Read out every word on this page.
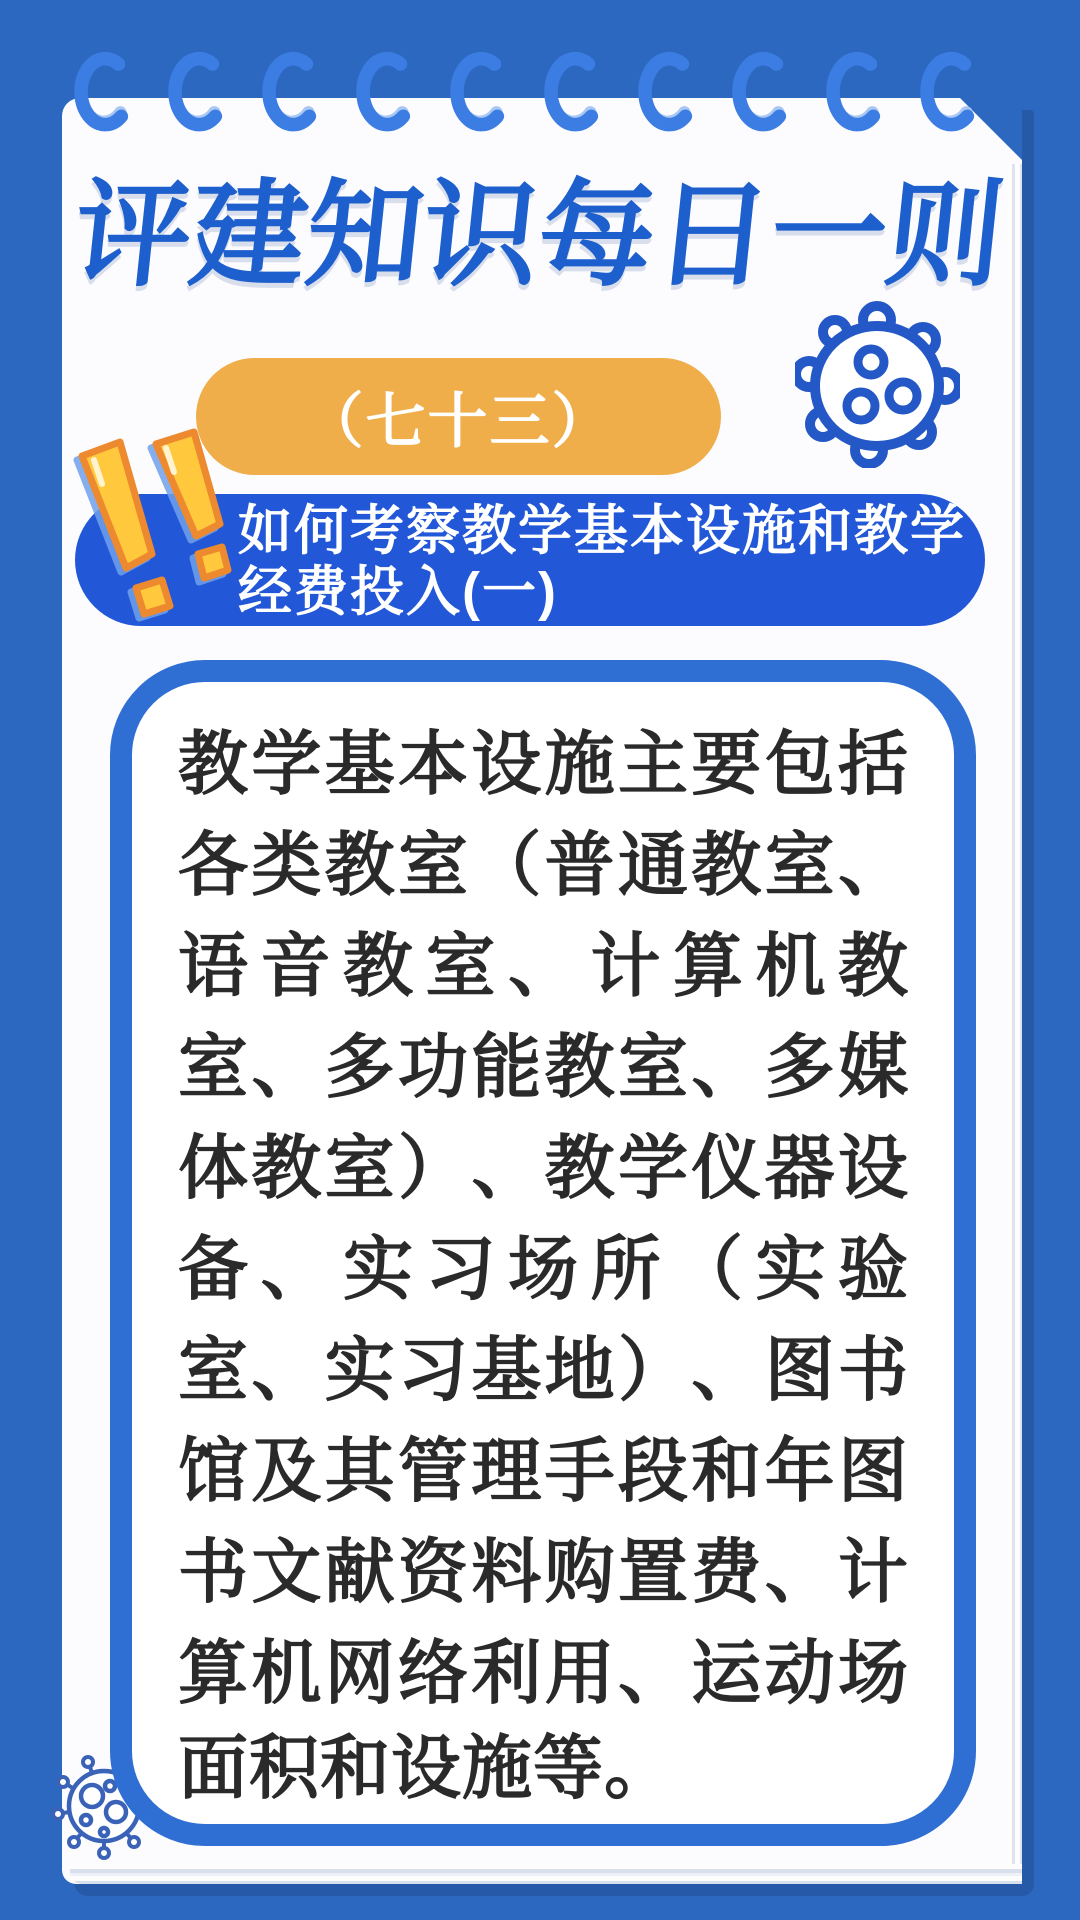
评建知识每日一则
（七十三）
如何考察教学基本设施和教学
经费投入(一)
教 学 基 本 设 施 主 要 包 括
各 类 教 室 （ 普 通 教 室 、
语 音 教 室 、 计 算 机 教
室 、 多 功 能 教 室 、 多 媒
体 教 室 ） 、 教 学 仪 器 设
备 、 实 习 场 所 （ 实 验
室 、 实 习 基 地 ） 、 图 书
馆 及 其 管 理 手 段 和 年 图
书 文 献 资 料 购 置 费 、 计
算 机 网 络 利 用 、 运 动 场
面积和设施等。
